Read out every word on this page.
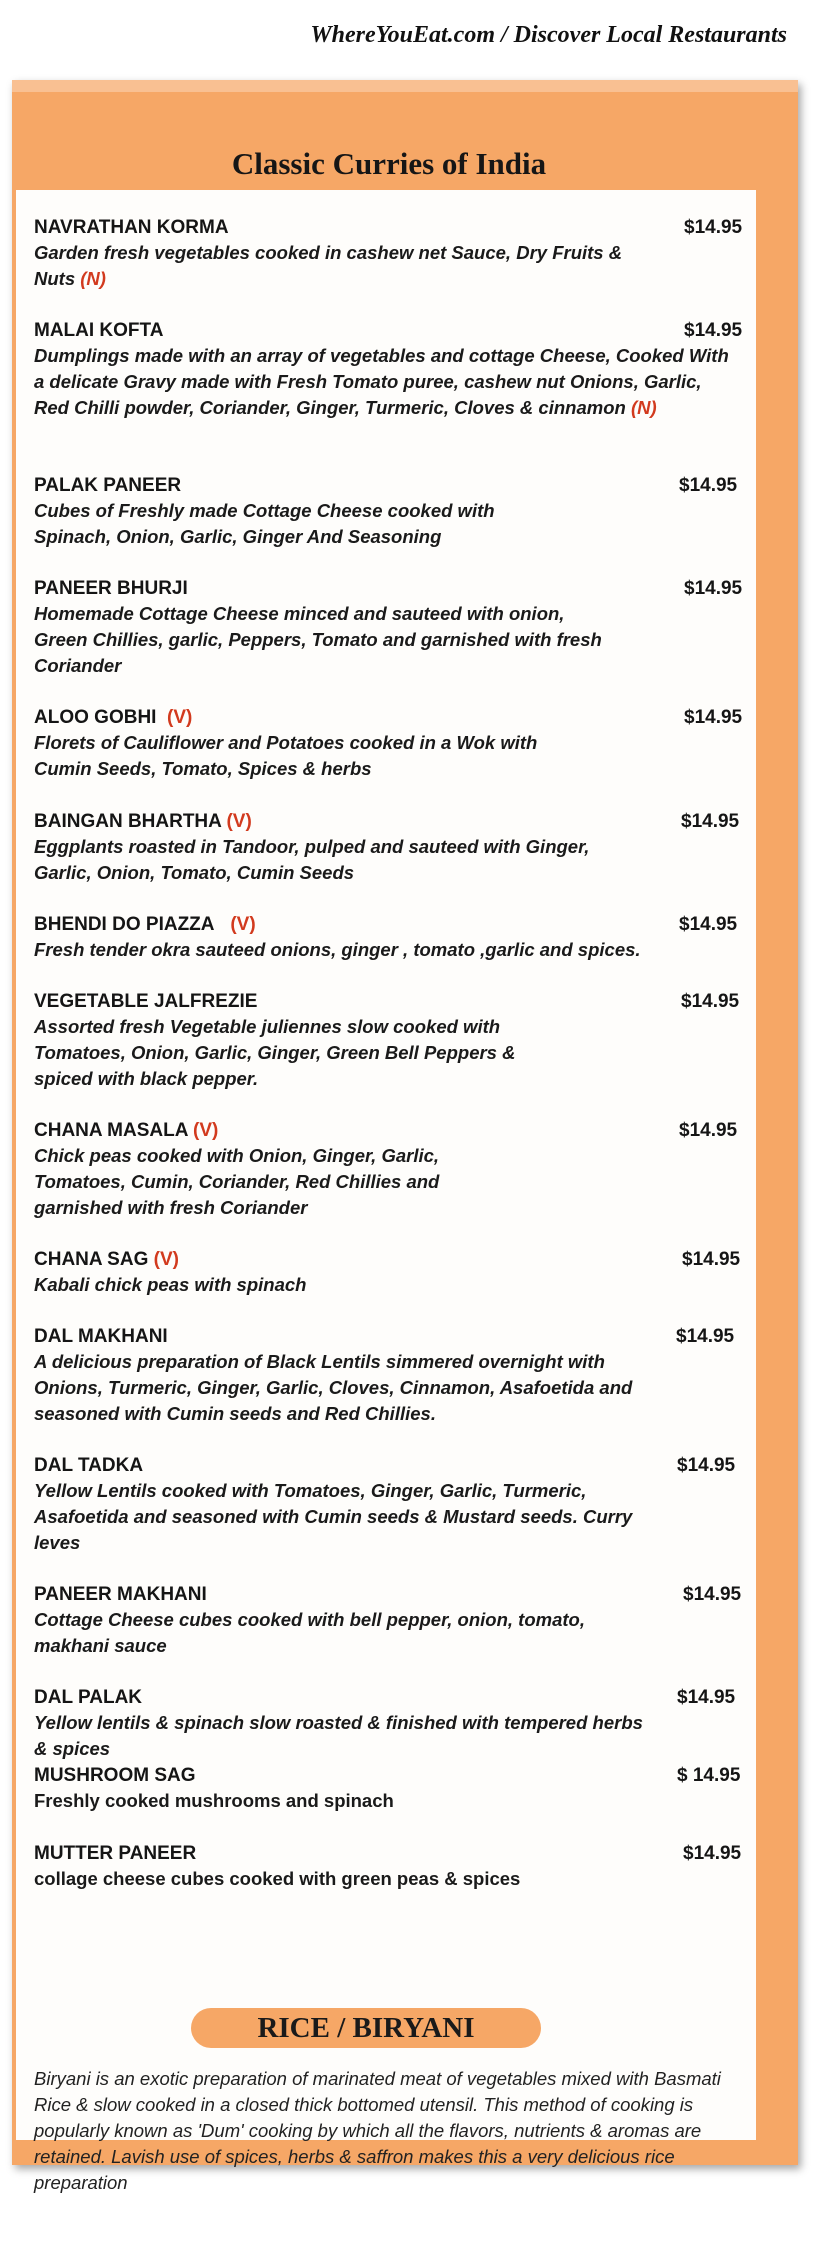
WhereYouEat.com / Discover Local Restaurants
Classic Curries of India
NAVRATHAN KORMA	$14.95
Garden fresh vegetables cooked in cashew net Sauce, Dry Fruits & Nuts (N)
MALAI KOFTA	$14.95
Dumplings made with an array of vegetables and cottage Cheese, Cooked With a delicate Gravy made with Fresh Tomato puree, cashew nut Onions, Garlic, Red Chilli powder, Coriander, Ginger, Turmeric, Cloves & cinnamon (N)
PALAK PANEER	$14.95
Cubes of Freshly made Cottage Cheese cooked with Spinach, Onion, Garlic, Ginger And Seasoning
PANEER BHURJI	$14.95
Homemade Cottage Cheese minced and sauteed with onion, Green Chillies, garlic, Peppers, Tomato and garnished with fresh Coriander
ALOO GOBHI (V)	$14.95
Florets of Cauliflower and Potatoes cooked in a Wok with Cumin Seeds, Tomato, Spices & herbs
BAINGAN BHARTHA (V)	$14.95
Eggplants roasted in Tandoor, pulped and sauteed with Ginger, Garlic, Onion, Tomato, Cumin Seeds
BHENDI DO PIAZZA (V)	$14.95
Fresh tender okra sauteed onions, ginger , tomato ,garlic and spices.
VEGETABLE JALFREZIE	$14.95
Assorted fresh Vegetable juliennes slow cooked with Tomatoes, Onion, Garlic, Ginger, Green Bell Peppers & spiced with black pepper.
CHANA MASALA (V)	$14.95
Chick peas cooked with Onion, Ginger, Garlic, Tomatoes, Cumin, Coriander, Red Chillies and garnished with fresh Coriander
CHANA SAG (V)	$14.95
Kabali chick peas with spinach
DAL MAKHANI	$14.95
A delicious preparation of Black Lentils simmered overnight with Onions, Turmeric, Ginger, Garlic, Cloves, Cinnamon, Asafoetida and seasoned with Cumin seeds and Red Chillies.
DAL TADKA	$14.95
Yellow Lentils cooked with Tomatoes, Ginger, Garlic, Turmeric, Asafoetida and seasoned with Cumin seeds & Mustard seeds. Curry leves
PANEER MAKHANI	$14.95
Cottage Cheese cubes cooked with bell pepper, onion, tomato, makhani sauce
DAL PALAK	$14.95
Yellow lentils & spinach slow roasted & finished with tempered herbs & spices
MUSHROOM SAG	$ 14.95
Freshly cooked mushrooms and spinach
MUTTER PANEER	$14.95
collage cheese cubes cooked with green peas & spices
RICE / BIRYANI
Biryani is an exotic preparation of marinated meat of vegetables mixed with Basmati Rice & slow cooked in a closed thick bottomed utensil. This method of cooking is popularly known as 'Dum' cooking by which all the flavors, nutrients & aromas are retained. Lavish use of spices, herbs & saffron makes this a very delicious rice preparation
